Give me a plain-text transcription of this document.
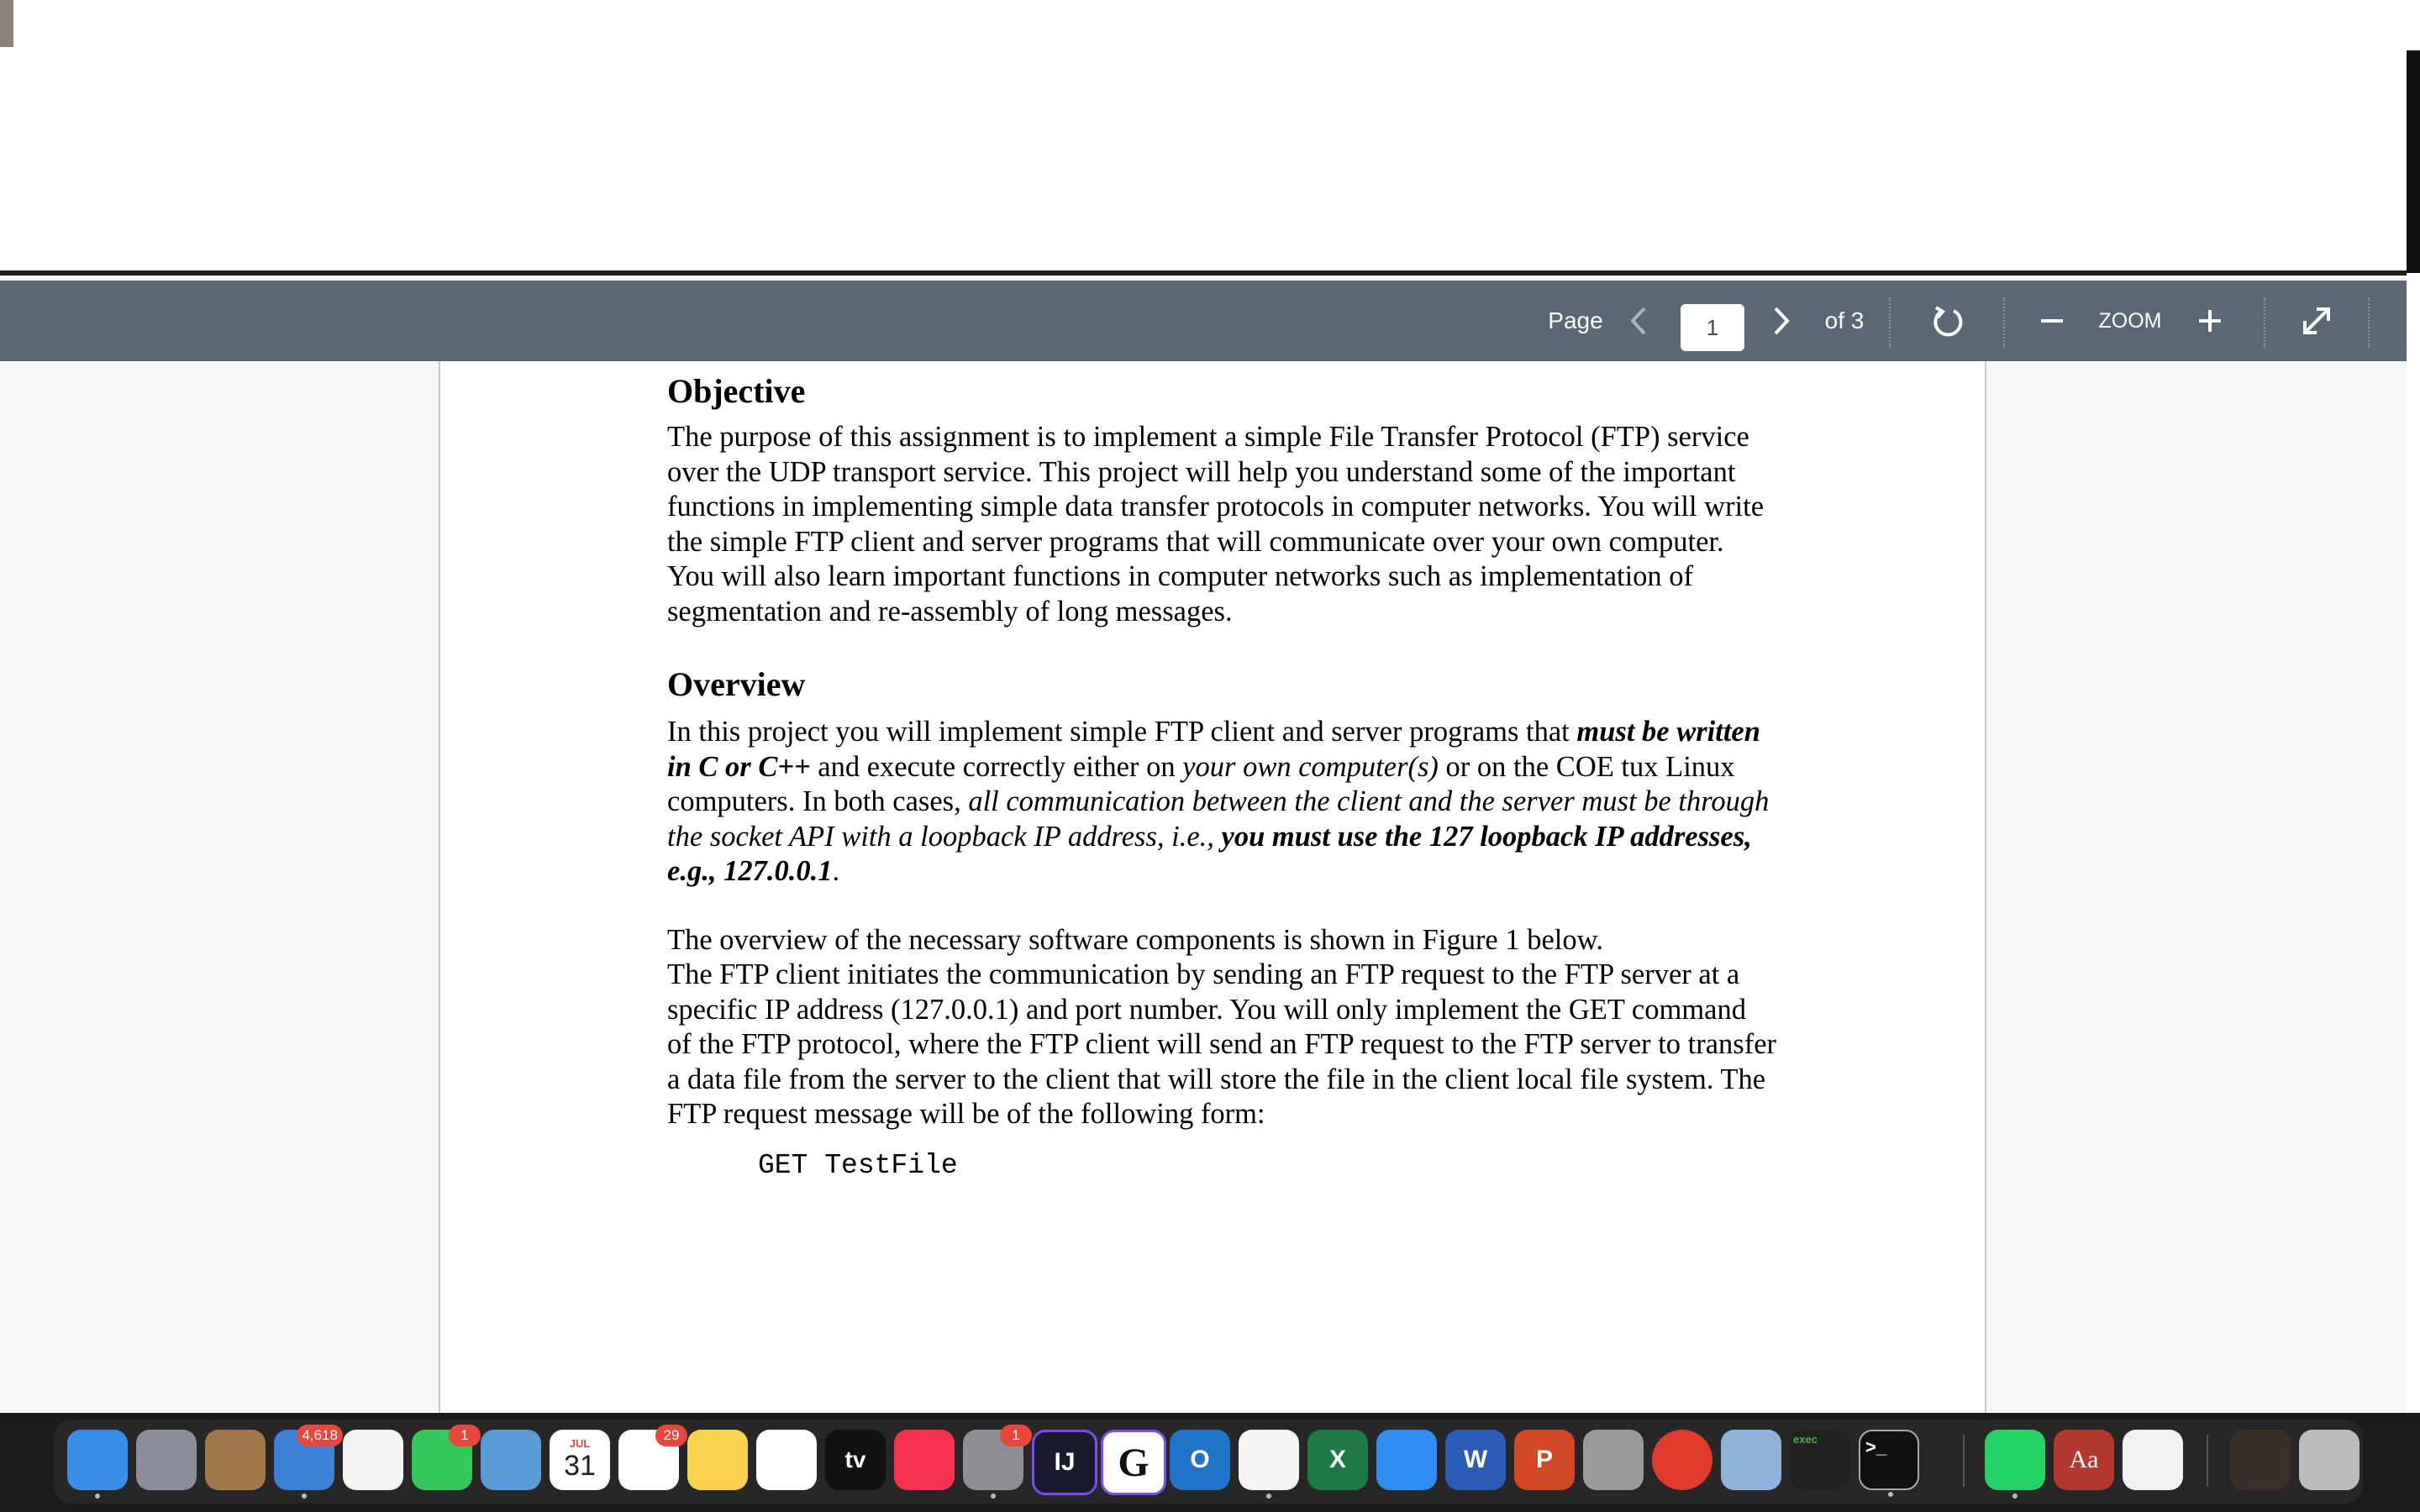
Page
1	of 3	ZOOM
Objective

The purpose of this assignment is to implement a simple File Transfer Protocol (FTP) service over the UDP transport service. This project will help you understand some of the important functions in implementing simple data transfer protocols in computer networks. You will write the simple FTP client and server programs that will communicate over your own computer. You will also learn important functions in computer networks such as implementation of segmentation and re-assembly of long messages.

Overview

In this project you will implement simple FTP client and server programs that must be written in C or C++ and execute correctly either on your own computer(s) or on the COE tux Linux computers. In both cases, all communication between the client and the server must be through the socket API with a loopback IP address, i.e., you must use the 127 loopback IP addresses, e.g., 127.0.0.1.

The overview of the necessary software components is shown in Figure 1 below.

The FTP client initiates the communication by sending an FTP request to the FTP server at a specific IP address (127.0.0.1) and port number. You will only implement the GET command of the FTP protocol, where the FTP client will send an FTP request to the FTP server to transfer a data file from the server to the client that will store the file in the client local file system. The FTP request message will be of the following form:

GET TestFile
4,618	1
JUL
31
29
tv
1
IJ G O	X	W P
exec	>_	Aa
